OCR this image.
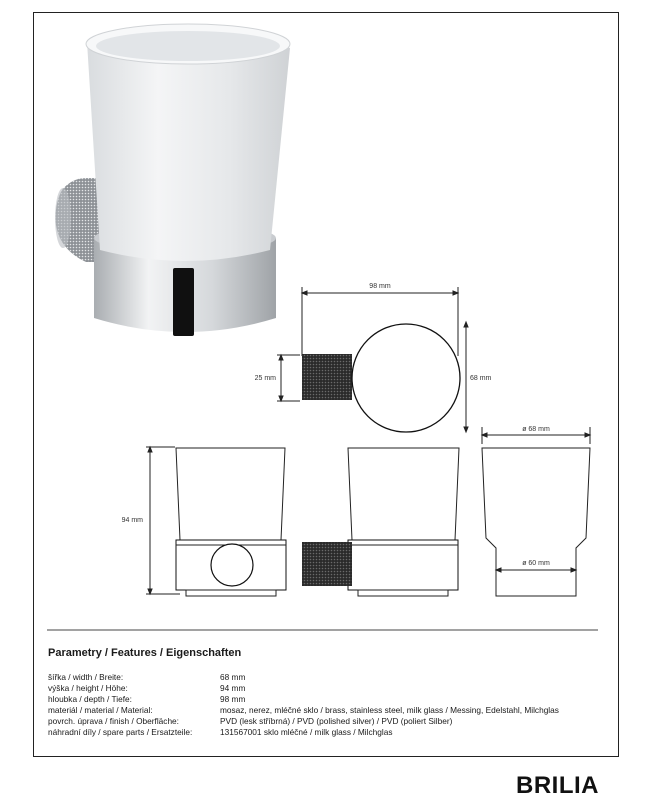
98 mm
68 mm
25 mm
ø 68 mm
94 mm
ø 60 mm
Parametry / Features / Eigenschaften
šířka / width / Breite:	68 mm
výška / height / Höhe:	94 mm
hloubka / depth / Tiefe:	98 mm
materiál / material / Material:	mosaz, nerez, mléčné sklo / brass, stainless steel, milk glass / Messing, Edelstahl, Milchglas
povrch. úprava / finish / Oberfläche:	PVD (lesk stříbrná) / PVD (polished silver) / PVD (poliert Silber)
náhradní díly / spare parts / Ersatzteile:	131567001 sklo mléčné / milk glass / Milchglas
BRILIA
